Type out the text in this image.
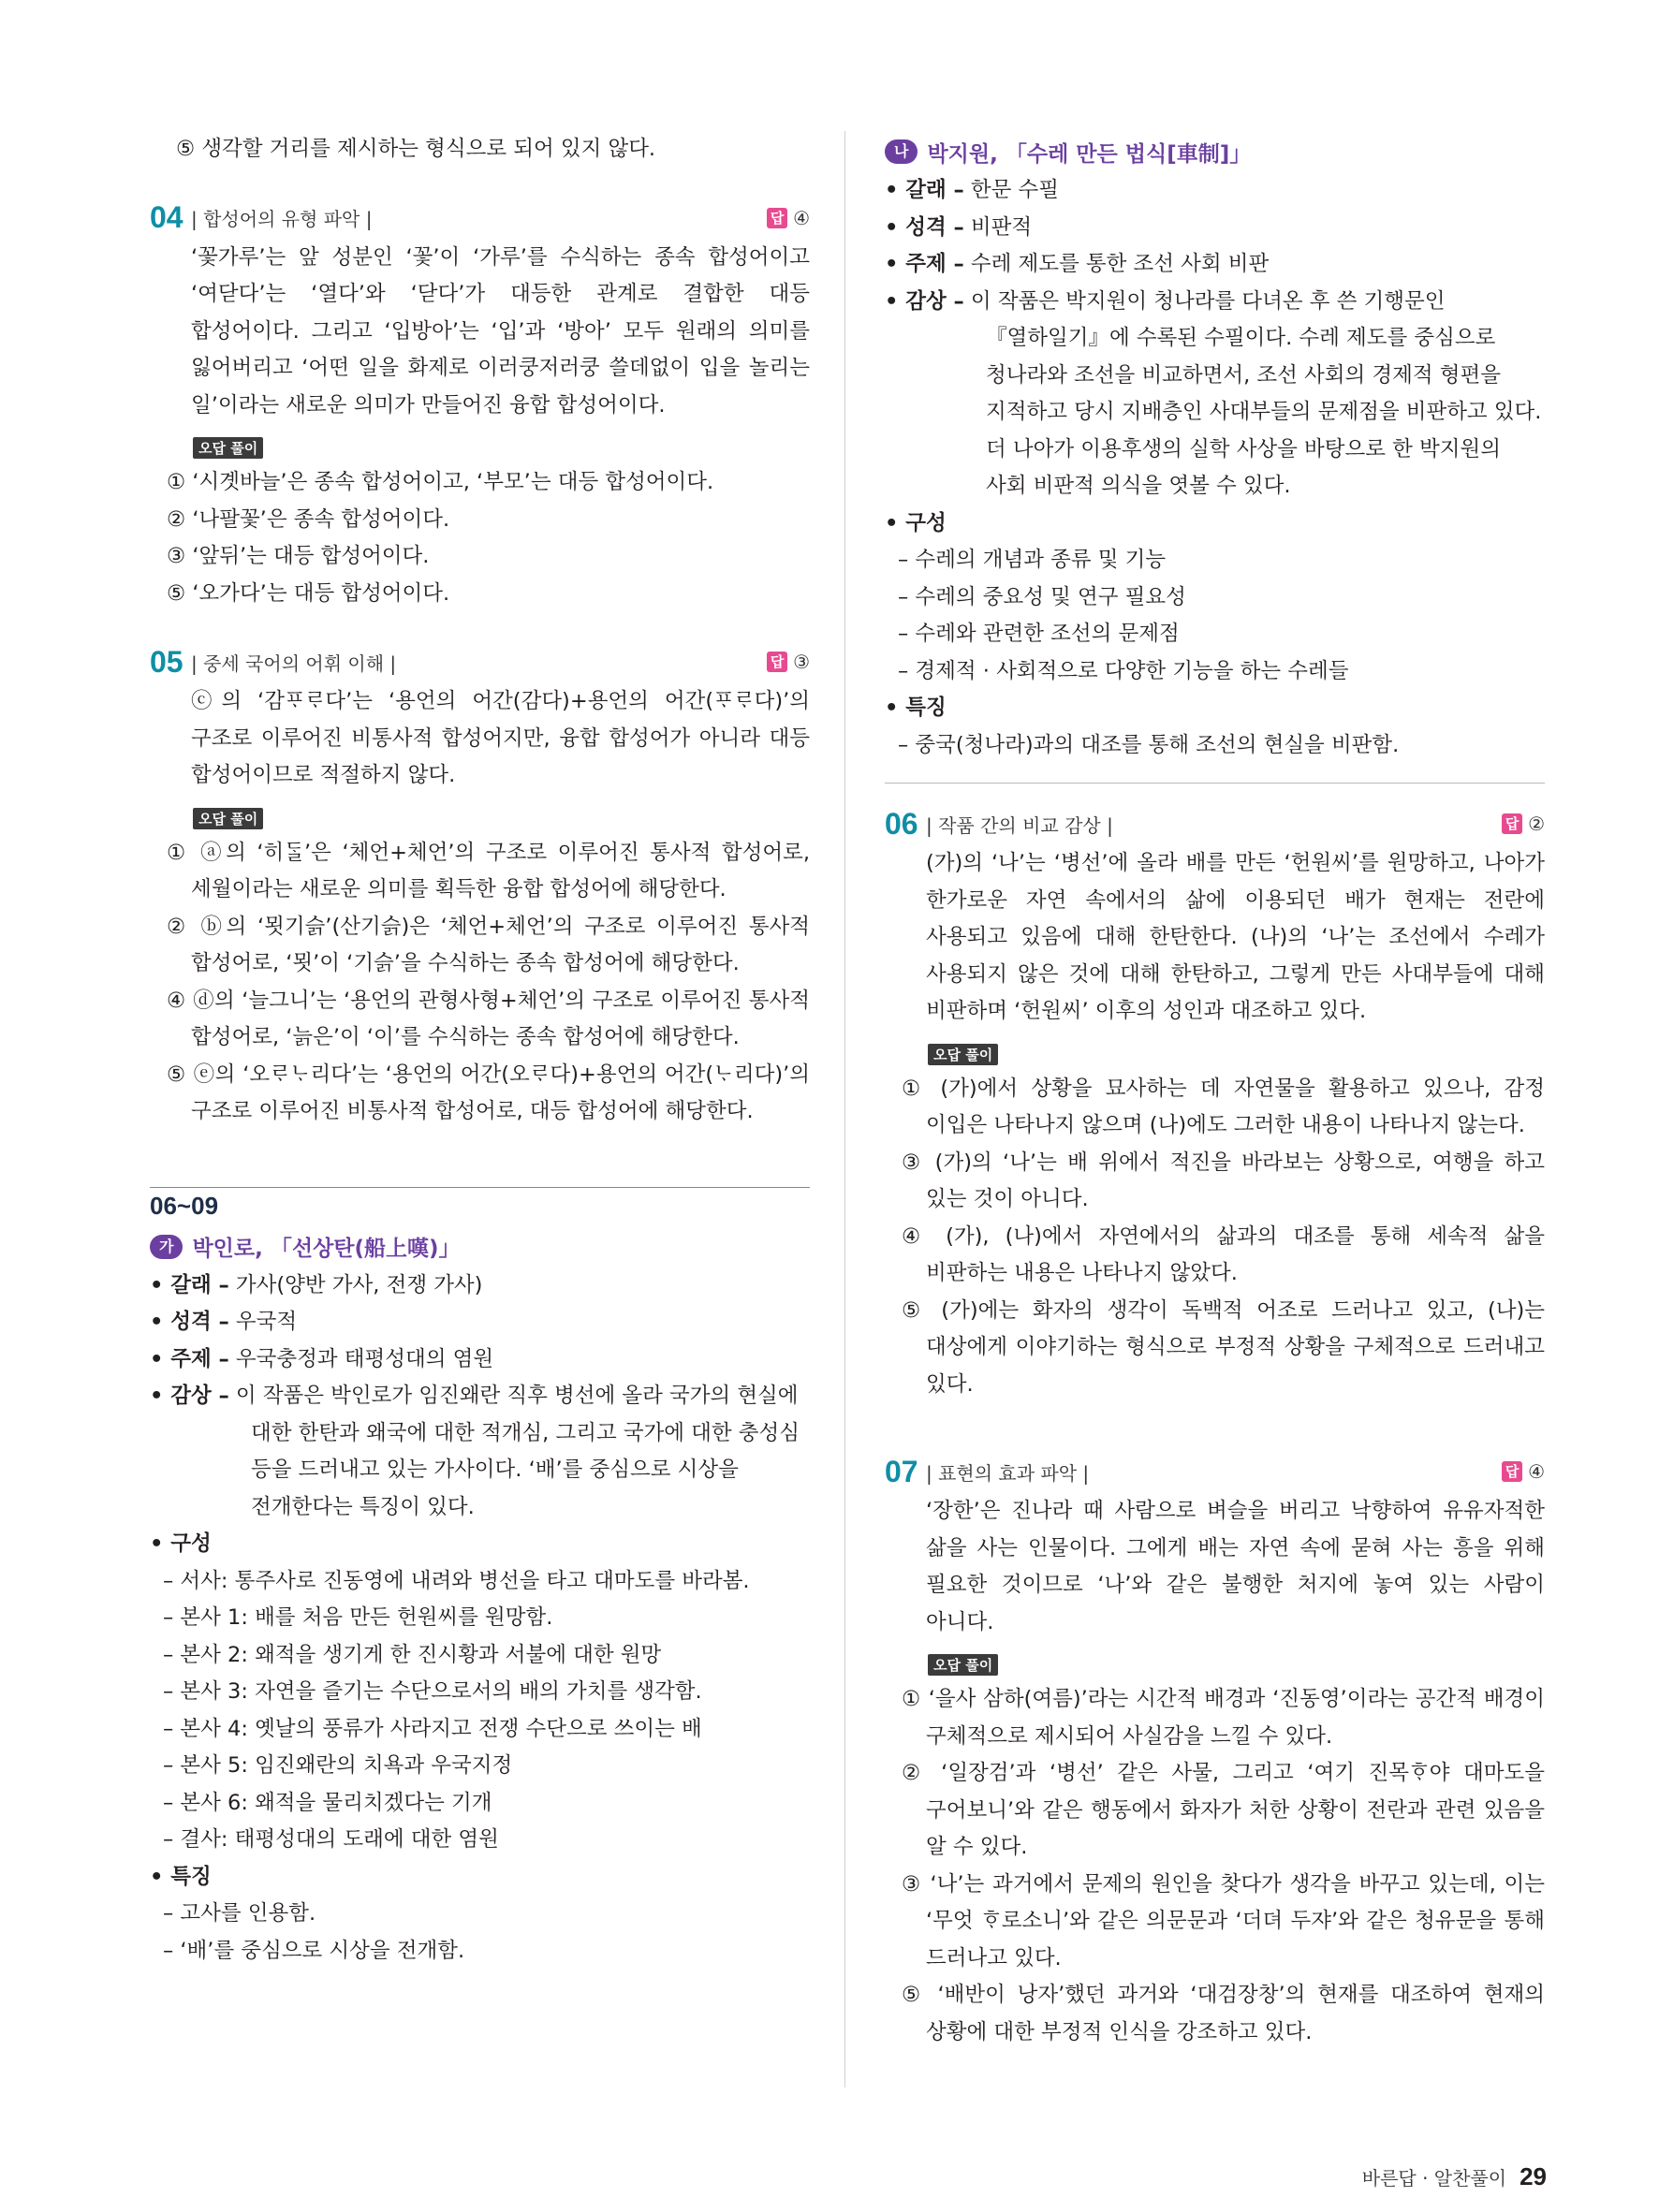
⑤ 생각할 거리를 제시하는 형식으로 되어 있지 않다.

04 | 합성어의 유형 파악 |	답 ④

‘꽃가루’는 앞 성분인 ‘꽃’이 ‘가루’를 수식하는 종속 합성어이고 ‘여닫다’는 ‘열다’와 ‘닫다’가 대등한 관계로 결합한 대등 합성어이다. 그리고 ‘입방아’는 ‘입’과 ‘방아’ 모두 원래의 의미를 잃어버리고 ‘어떤 일을 화제로 이러쿵저러쿵 쓸데없이 입을 놀리는 일’이라는 새로운 의미가 만들어진 융합 합성어이다.

오답 풀이

① ‘시곗바늘’은 종속 합성어이고, ‘부모’는 대등 합성어이다.

② ‘나팔꽃’은 종속 합성어이다.

③ ‘앞뒤’는 대등 합성어이다.

⑤ ‘오가다’는 대등 합성어이다.

05 | 중세 국어의 어휘 이해 |	답 ③

ⓒ의 ‘감ᄑᆞᄅᆞ다’는 ‘용언의 어간(감다)+용언의 어간(ᄑᆞᄅᆞ다)’의 구조로 이루어진 비통사적 합성어지만, 융합 합성어가 아니라 대등 합성어이므로 적절하지 않다.

오답 풀이

① ⓐ의 ‘히ᄃᆞᆯ’은 ‘체언+체언’의 구조로 이루어진 통사적 합성어로, 세월이라는 새로운 의미를 획득한 융합 합성어에 해당한다.

② ⓑ의 ‘묏기슭’(산기슭)은 ‘체언+체언’의 구조로 이루어진 통사적 합성어로, ‘묏’이 ‘기슭’을 수식하는 종속 합성어에 해당한다.

④ ⓓ의 ‘늘그니’는 ‘용언의 관형사형+체언’의 구조로 이루어진 통사적 합성어로, ‘늙은’이 ‘이’를 수식하는 종속 합성어에 해당한다.

⑤ ⓔ의 ‘오ᄅᆞᄂᆞ리다’는 ‘용언의 어간(오ᄅᆞ다)+용언의 어간(ᄂᆞ리다)’의 구조로 이루어진 비통사적 합성어로, 대등 합성어에 해당한다.

06~09
가 박인로, 「선상탄(船上嘆)」

• 갈래 – 가사(양반 가사, 전쟁 가사)

• 성격 – 우국적

• 주제 – 우국충정과 태평성대의 염원

• 감상 – 이 작품은 박인로가 임진왜란 직후 병선에 올라 국가의 현실에 대한 한탄과 왜국에 대한 적개심, 그리고 국가에 대한 충성심 등을 드러내고 있는 가사이다. ‘배’를 중심으로 시상을 전개한다는 특징이 있다.

• 구성

– 서사: 통주사로 진동영에 내려와 병선을 타고 대마도를 바라봄.

– 본사 1: 배를 처음 만든 헌원씨를 원망함.

– 본사 2: 왜적을 생기게 한 진시황과 서불에 대한 원망

– 본사 3: 자연을 즐기는 수단으로서의 배의 가치를 생각함.

– 본사 4: 옛날의 풍류가 사라지고 전쟁 수단으로 쓰이는 배

– 본사 5: 임진왜란의 치욕과 우국지정

– 본사 6: 왜적을 물리치겠다는 기개

– 결사: 태평성대의 도래에 대한 염원

• 특징

– 고사를 인용함.

– ‘배’를 중심으로 시상을 전개함.

나 박지원, 「수레 만든 법식[車制]」

• 갈래 – 한문 수필

• 성격 – 비판적

• 주제 – 수레 제도를 통한 조선 사회 비판

• 감상 – 이 작품은 박지원이 청나라를 다녀온 후 쓴 기행문인 『열하일기』에 수록된 수필이다. 수레 제도를 중심으로 청나라와 조선을 비교하면서, 조선 사회의 경제적 형편을 지적하고 당시 지배층인 사대부들의 문제점을 비판하고 있다. 더 나아가 이용후생의 실학 사상을 바탕으로 한 박지원의 사회 비판적 의식을 엿볼 수 있다.

• 구성

– 수레의 개념과 종류 및 기능

– 수레의 중요성 및 연구 필요성

– 수레와 관련한 조선의 문제점

– 경제적 · 사회적으로 다양한 기능을 하는 수레들

• 특징

– 중국(청나라)과의 대조를 통해 조선의 현실을 비판함.

06 | 작품 간의 비교 감상 |	답 ②

(가)의 ‘나’는 ‘병선’에 올라 배를 만든 ‘헌원씨’를 원망하고, 나아가 한가로운 자연 속에서의 삶에 이용되던 배가 현재는 전란에 사용되고 있음에 대해 한탄한다. (나)의 ‘나’는 조선에서 수레가 사용되지 않은 것에 대해 한탄하고, 그렇게 만든 사대부들에 대해 비판하며 ‘헌원씨’ 이후의 성인과 대조하고 있다.

오답 풀이

① (가)에서 상황을 묘사하는 데 자연물을 활용하고 있으나, 감정 이입은 나타나지 않으며 (나)에도 그러한 내용이 나타나지 않는다.

③ (가)의 ‘나’는 배 위에서 적진을 바라보는 상황으로, 여행을 하고 있는 것이 아니다.

④ (가), (나)에서 자연에서의 삶과의 대조를 통해 세속적 삶을 비판하는 내용은 나타나지 않았다.

⑤ (가)에는 화자의 생각이 독백적 어조로 드러나고 있고, (나)는 대상에게 이야기하는 형식으로 부정적 상황을 구체적으로 드러내고 있다.

07 | 표현의 효과 파악 |	답 ④

‘장한’은 진나라 때 사람으로 벼슬을 버리고 낙향하여 유유자적한 삶을 사는 인물이다. 그에게 배는 자연 속에 묻혀 사는 흥을 위해 필요한 것이므로 ‘나’와 같은 불행한 처지에 놓여 있는 사람이 아니다.

오답 풀이

① ‘을사 삼하(여름)’라는 시간적 배경과 ‘진동영’이라는 공간적 배경이 구체적으로 제시되어 사실감을 느낄 수 있다.

② ‘일장검’과 ‘병선’ 같은 사물, 그리고 ‘여기 진목ᄒᆞ야 대마도을 구어보니’와 같은 행동에서 화자가 처한 상황이 전란과 관련 있음을 알 수 있다.

③ ‘나’는 과거에서 문제의 원인을 찾다가 생각을 바꾸고 있는데, 이는 ‘무엇 ᄒᆞ로소니’와 같은 의문문과 ‘더뎌 두쟈’와 같은 청유문을 통해 드러나고 있다.

⑤ ‘배반이 낭자’했던 과거와 ‘대검장창’의 현재를 대조하여 현재의 상황에 대한 부정적 인식을 강조하고 있다.

바른답 · 알찬풀이 29
